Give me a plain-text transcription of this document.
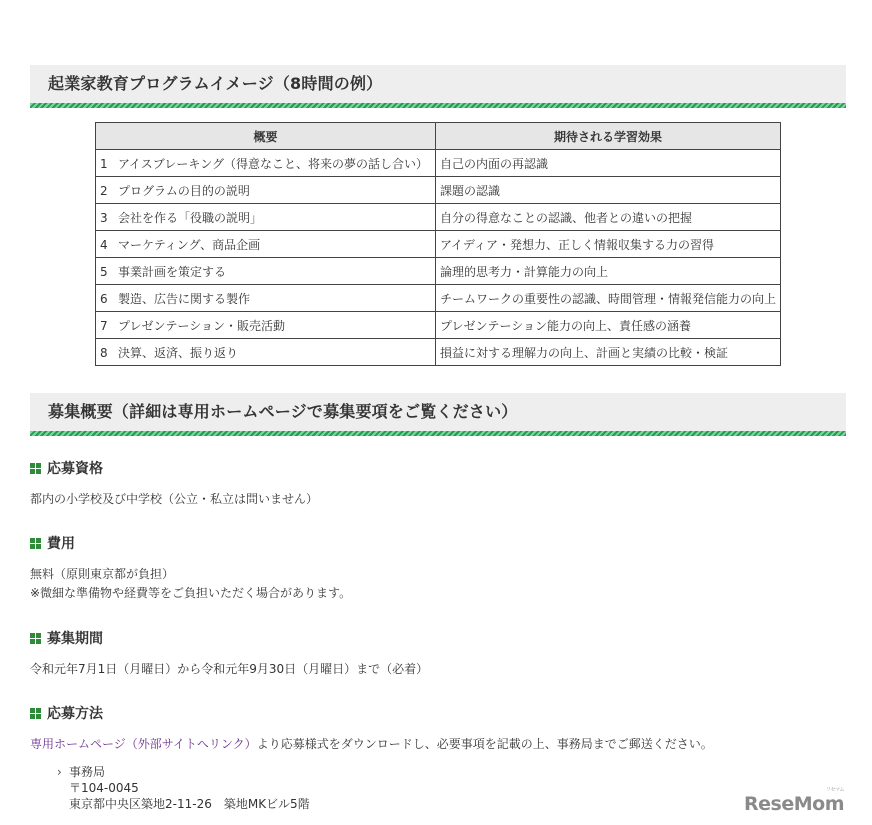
起業家教育プログラムイメージ（8時間の例）
概要	期待される学習効果
1 アイスブレーキング（得意なこと、将来の夢の話し合い）	自己の内面の再認識
2 プログラムの目的の説明	課題の認識
3 会社を作る「役職の説明」	自分の得意なことの認識、他者との違いの把握
4 マーケティング、商品企画	アイディア・発想力、正しく情報収集する力の習得
5 事業計画を策定する	論理的思考力・計算能力の向上
6 製造、広告に関する製作	チームワークの重要性の認識、時間管理・情報発信能力の向上
7 プレゼンテーション・販売活動	プレゼンテーション能力の向上、責任感の涵養
8 決算、返済、振り返り	損益に対する理解力の向上、計画と実績の比較・検証
募集概要（詳細は専用ホームページで募集要項をご覧ください）
応募資格
都内の小学校及び中学校（公立・私立は問いません）
費用
無料（原則東京都が負担）
※微細な準備物や経費等をご負担いただく場合があります。
募集期間
令和元年7月1日（月曜日）から令和元年9月30日（月曜日）まで（必着）
応募方法
専用ホームページ（外部サイトへリンク）より応募様式をダウンロードし、必要事項を記載の上、事務局までご郵送ください。
› 事務局
〒104-0045
東京都中央区築地2-11-26　築地MKビル5階	ReseMom
リセマム
